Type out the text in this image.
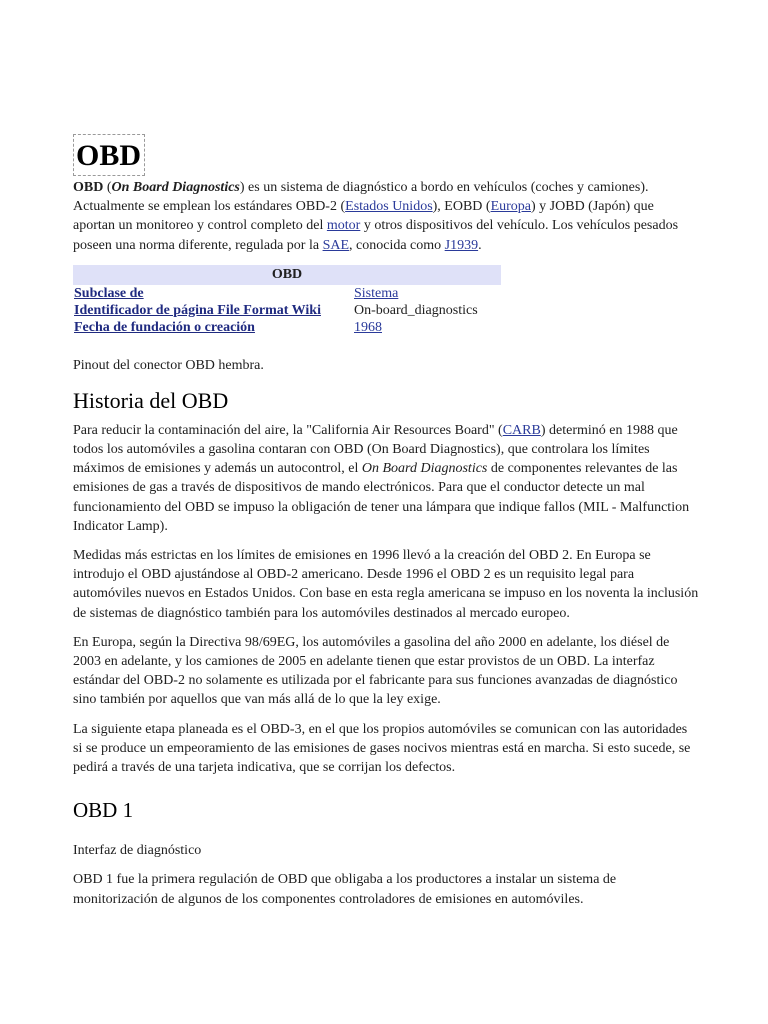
OBD

OBD (On Board Diagnostics) es un sistema de diagnóstico a bordo en vehículos (coches y camiones). Actualmente se emplean los estándares OBD-2 (Estados Unidos), EOBD (Europa) y JOBD (Japón) que aportan un monitoreo y control completo del motor y otros dispositivos del vehículo. Los vehículos pesados poseen una norma diferente, regulada por la SAE, conocida como J1939.

OBD	
Subclase de	Sistema
Identificador de página File Format Wiki	On-board_diagnostics
Fecha de fundación o creación	1968
Pinout del conector OBD hembra.
Historia del OBD

Para reducir la contaminación del aire, la "California Air Resources Board" (CARB) determinó en 1988 que todos los automóviles a gasolina contaran con OBD (On Board Diagnostics), que controlara los límites máximos de emisiones y además un autocontrol, el On Board Diagnostics de componentes relevantes de las emisiones de gas a través de dispositivos de mando electrónicos. Para que el conductor detecte un mal funcionamiento del OBD se impuso la obligación de tener una lámpara que indique fallos (MIL - Malfunction Indicator Lamp).

Medidas más estrictas en los límites de emisiones en 1996 llevó a la creación del OBD 2. En Europa se introdujo el OBD ajustándose al OBD-2 americano. Desde 1996 el OBD 2 es un requisito legal para automóviles nuevos en Estados Unidos. Con base en esta regla americana se impuso en los noventa la inclusión de sistemas de diagnóstico también para los automóviles destinados al mercado europeo.

En Europa, según la Directiva 98/69EG, los automóviles a gasolina del año 2000 en adelante, los diésel de 2003 en adelante, y los camiones de 2005 en adelante tienen que estar provistos de un OBD. La interfaz estándar del OBD-2 no solamente es utilizada por el fabricante para sus funciones avanzadas de diagnóstico sino también por aquellos que van más allá de lo que la ley exige.

La siguiente etapa planeada es el OBD-3, en el que los propios automóviles se comunican con las autoridades si se produce un empeoramiento de las emisiones de gases nocivos mientras está en marcha. Si esto sucede, se pedirá a través de una tarjeta indicativa, que se corrijan los defectos.

OBD 1

Interfaz de diagnóstico

OBD 1 fue la primera regulación de OBD que obligaba a los productores a instalar un sistema de monitorización de algunos de los componentes controladores de emisiones en automóviles.
